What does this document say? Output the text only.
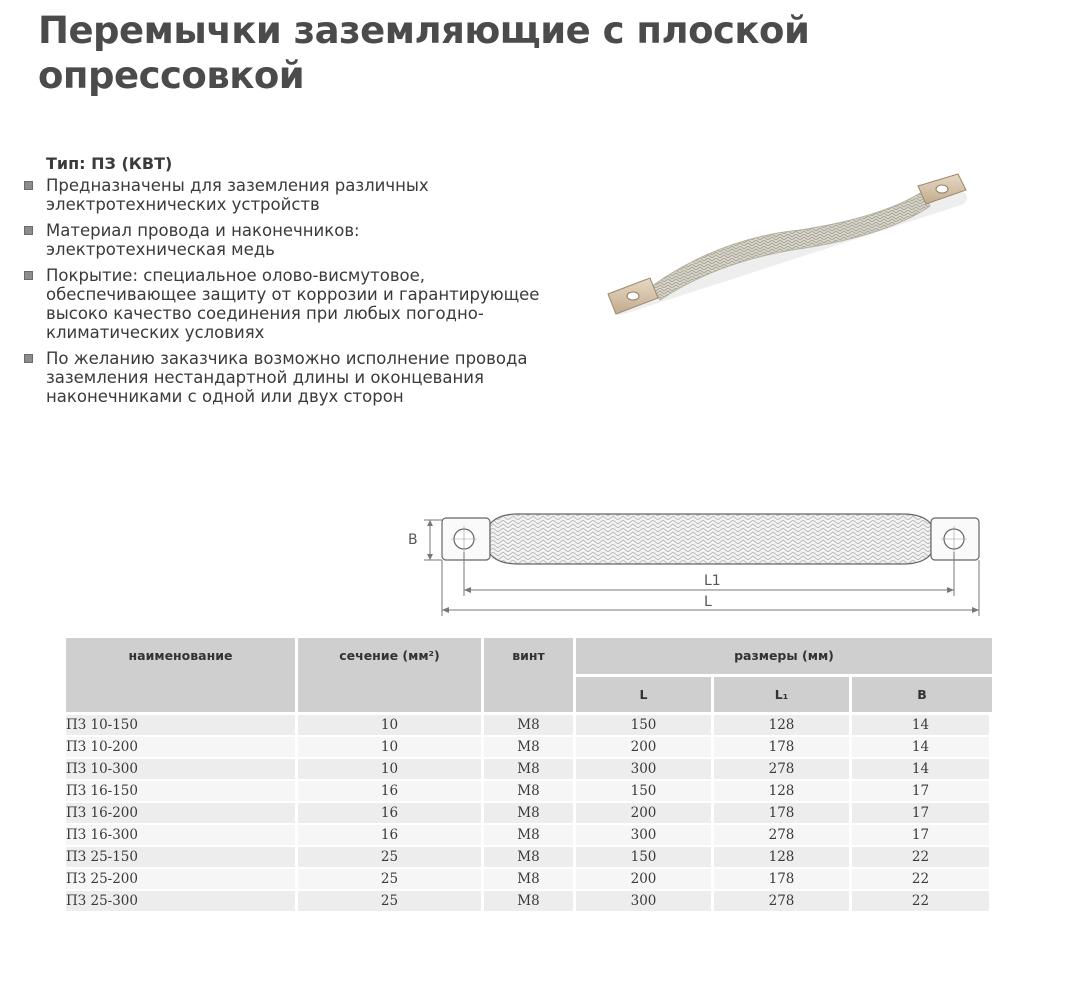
Перемычки заземляющие с плоской опрессовкой
Тип: ПЗ (КВТ)
Предназначены для заземления различных электротехнических устройств
Материал провода и наконечников: электротехническая медь
Покрытие: специальное олово-висмутовое, обеспечивающее защиту от коррозии и гарантирующее высоко качество соединения при любых погодно-климатических условиях
По желанию заказчика возможно исполнение провода заземления нестандартной длины и оконцевания наконечниками с одной или двух сторон
B
L1
L
наименование	сечение (мм²)	винт	размеры (мм)		
			L	L₁	B
ПЗ 10-150	10	M8	150	128	14
ПЗ 10-200	10	M8	200	178	14
ПЗ 10-300	10	M8	300	278	14
ПЗ 16-150	16	M8	150	128	17
ПЗ 16-200	16	M8	200	178	17
ПЗ 16-300	16	M8	300	278	17
ПЗ 25-150	25	M8	150	128	22
ПЗ 25-200	25	M8	200	178	22
ПЗ 25-300	25	M8	300	278	22
